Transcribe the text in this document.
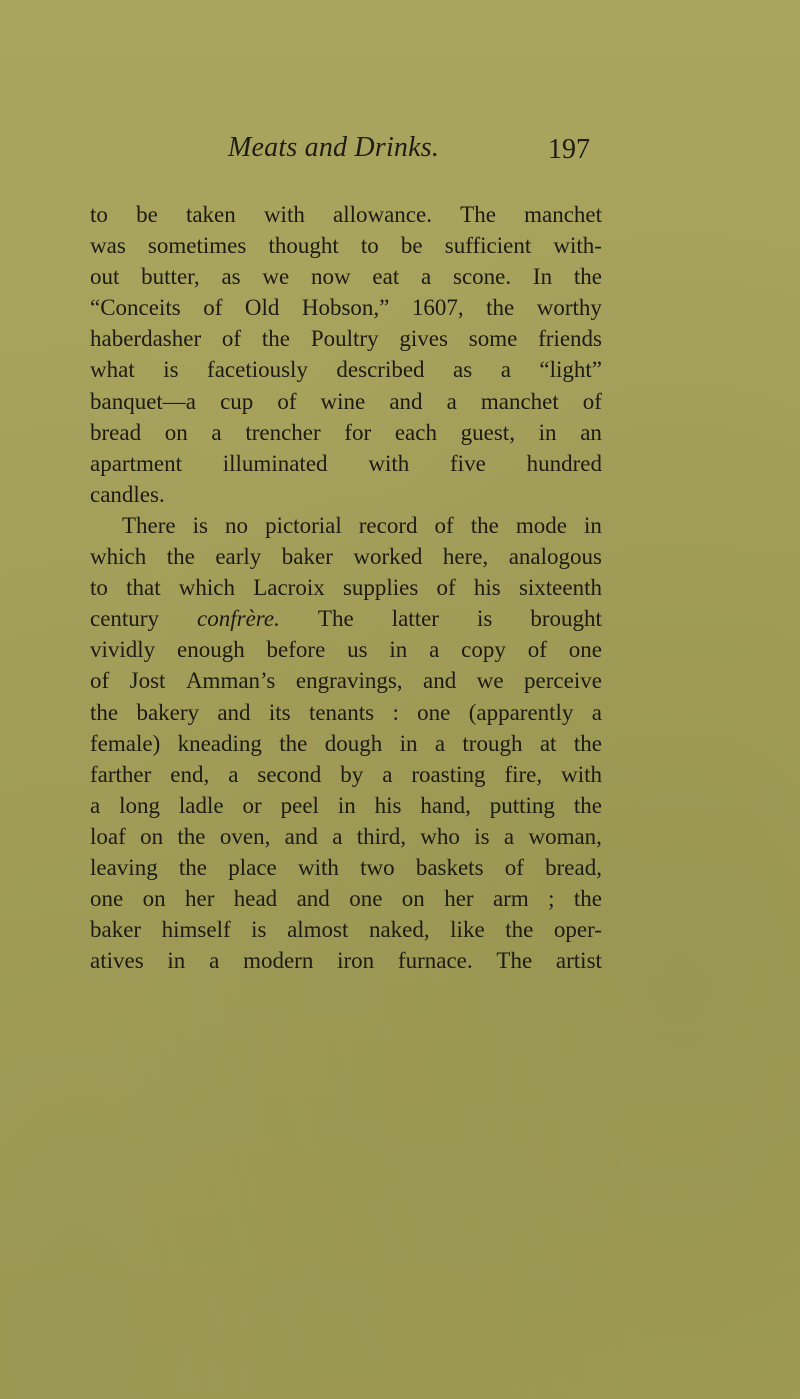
Meats and Drinks.	197
to be taken with allowance. The manchet
was sometimes thought to be sufficient with-
out butter, as we now eat a scone. In the
“Conceits of Old Hobson,” 1607, the worthy
haberdasher of the Poultry gives some friends
what is facetiously described as a “light”
banquet—a cup of wine and a manchet of
bread on a trencher for each guest, in an
apartment illuminated with five hundred
candles.
There is no pictorial record of the mode in
which the early baker worked here, analogous
to that which Lacroix supplies of his sixteenth
century confrère. The latter is brought
vividly enough before us in a copy of one
of Jost Amman’s engravings, and we perceive
the bakery and its tenants : one (apparently a
female) kneading the dough in a trough at the
farther end, a second by a roasting fire, with
a long ladle or peel in his hand, putting the
loaf on the oven, and a third, who is a woman,
leaving the place with two baskets of bread,
one on her head and one on her arm ; the
baker himself is almost naked, like the oper-
atives in a modern iron furnace. The artist
